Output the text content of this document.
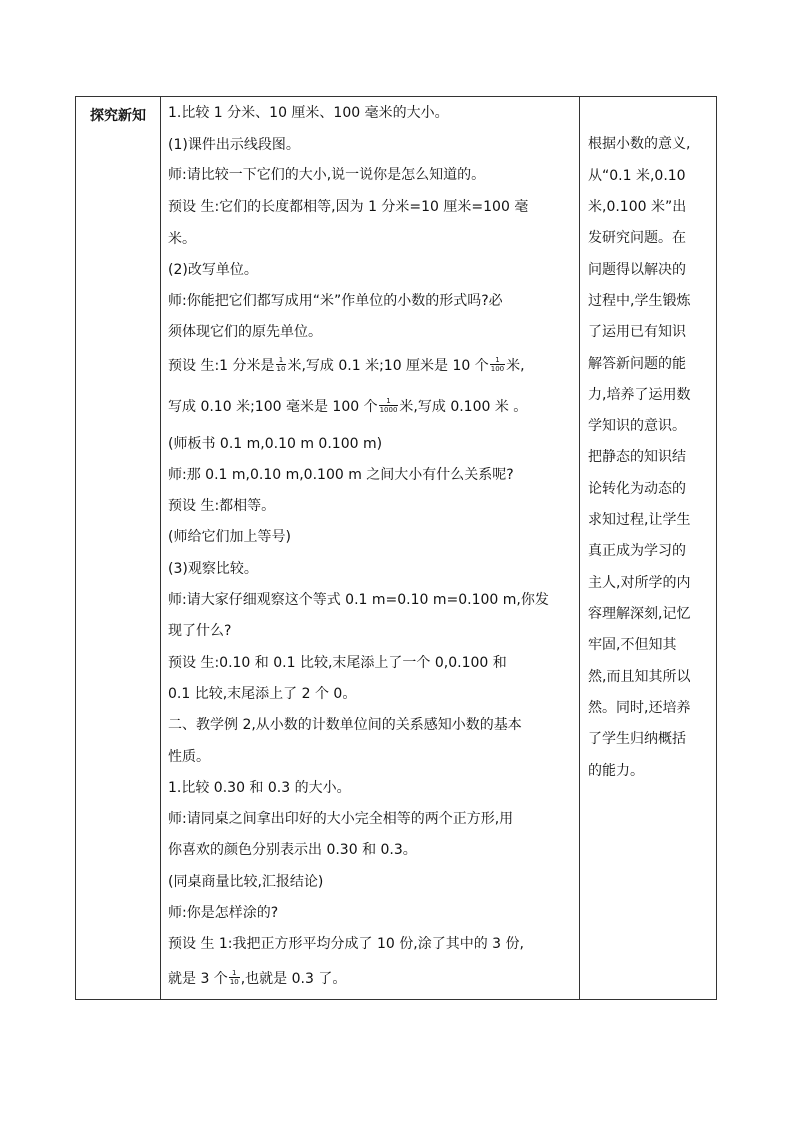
探究新知	1.比较 1 分米、10 厘米、100 毫米的大小。
(1)课件出示线段图。
师:请比较一下它们的大小,说一说你是怎么知道的。
预设 生:它们的长度都相等,因为 1 分米=10 厘米=100 毫
米。
(2)改写单位。
师:你能把它们都写成用“米”作单位的小数的形式吗?必
须体现它们的原先单位。
预设 生:1 分米是 $\frac{1}{10}$ 米,写成 0.1 米;10 厘米是 10 个 $\frac{1}{100}$ 米,
写成 0.10 米;100 毫米是 100 个 $\frac{1}{1000}$ 米,写成 0.100 米 。
(师板书 0.1 m,0.10 m 0.100 m)
师:那 0.1 m,0.10 m,0.100 m 之间大小有什么关系呢?
预设 生:都相等。
(师给它们加上等号)
(3)观察比较。
师:请大家仔细观察这个等式 0.1 m=0.10 m=0.100 m,你发
现了什么?
预设 生:0.10 和 0.1 比较,末尾添上了一个 0,0.100 和
0.1 比较,末尾添上了 2 个 0。
二、教学例 2,从小数的计数单位间的关系感知小数的基本
性质。
1.比较 0.30 和 0.3 的大小。
师:请同桌之间拿出印好的大小完全相等的两个正方形,用
你喜欢的颜色分别表示出 0.30 和 0.3。
(同桌商量比较,汇报结论)
师:你是怎样涂的?
预设 生 1:我把正方形平均分成了 10 份,涂了其中的 3 份,
就是 3 个 $\frac{1}{10}$ ,也就是 0.3 了。
根据小数的意义,
从“0.1 米,0.10
米,0.100 米”出
发研究问题。在
问题得以解决的
过程中,学生锻炼
了运用已有知识
解答新问题的能
力,培养了运用数
学知识的意识。
把静态的知识结
论转化为动态的
求知过程,让学生
真正成为学习的
主人,对所学的内
容理解深刻,记忆
牢固,不但知其
然,而且知其所以
然。同时,还培养
了学生归纳概括
的能力。
